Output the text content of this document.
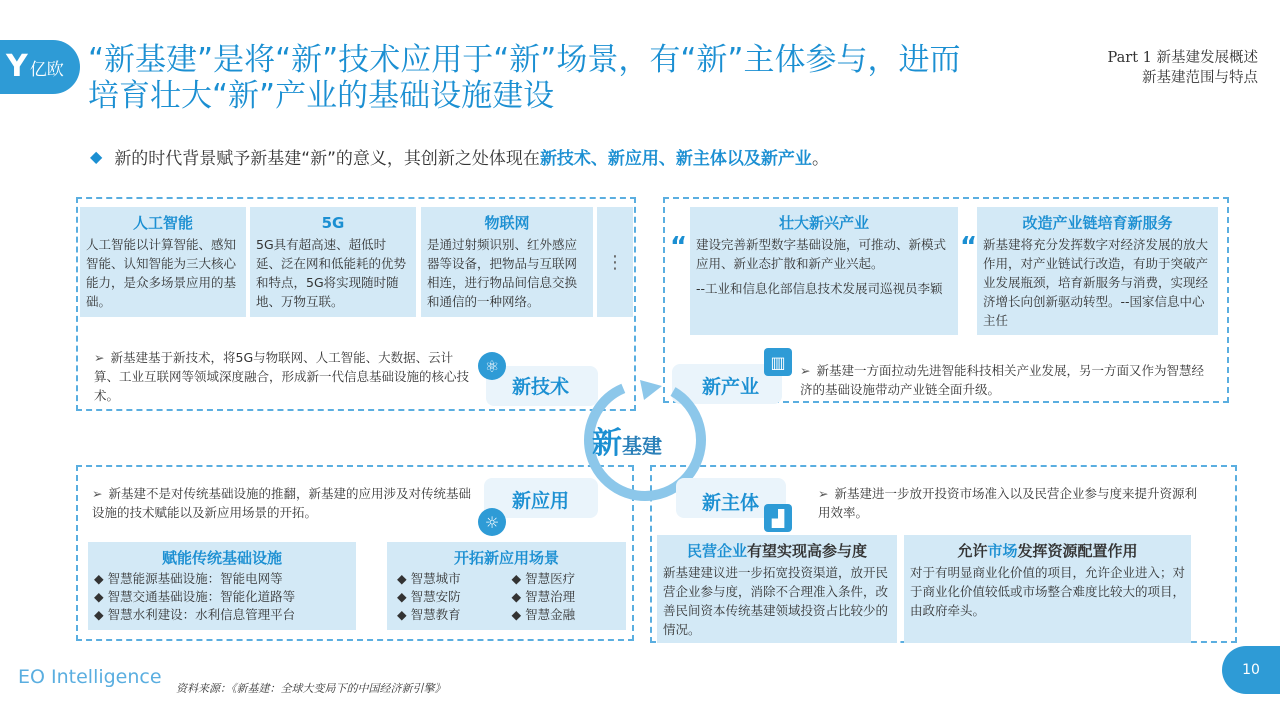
Y 亿欧 “新基建”是将“新”技术应用于“新”场景，有“新”主体参与，进而培育壮大“新”产业的基础设施建设
Part 1 新基建发展概述
新基建范围与特点
◆ 新的时代背景赋予新基建“新”的意义，其创新之处体现在 新技术、新应用、新主体以及新产业 。
人工智能
人工智能以计算智能、感知智能、认知智能为三大核心能力，是众多场景应用的基础。
5G
5G具有超高速、超低时延、泛在网和低能耗的优势和特点，5G将实现随时随地、万物互联。
物联网
是通过射频识别、红外感应器等设备，把物品与互联网相连，进行物品间信息交换和通信的一种网络。
⋮
➢ 新基建基于新技术，将5G与物联网、人工智能、大数据、云计算、工业互联网等领域深度融合，形成新一代信息基础设施的核心技术。
⚛
新技术
“
壮大新兴产业
建设完善新型数字基础设施，可推动、新模式应用、新业态扩散和新产业兴起。
--工业和信息化部信息技术发展司巡视员李颖
“
改造产业链培育新服务
新基建将充分发挥数字对经济发展的放大作用，对产业链试行改造，有助于突破产业发展瓶颈，培育新服务与消费，实现经济增长向创新驱动转型。--国家信息中心主任
▥
新产业
➢ 新基建一方面拉动先进智能科技相关产业发展，另一方面又作为智慧经济的基础设施带动产业链全面升级。
新基建
➢ 新基建不是对传统基础设施的推翻，新基建的应用涉及对传统基础设施的技术赋能以及新应用场景的开拓。
新应用
☼
赋能传统基础设施
◆ 智慧能源基础设施：智能电网等
◆ 智慧交通基础设施：智能化道路等
◆ 智慧水利建设：水利信息管理平台
开拓新应用场景
◆ 智慧城市	◆ 智慧医疗
◆ 智慧安防	◆ 智慧治理
◆ 智慧教育	◆ 智慧金融
新主体
▟
➢ 新基建进一步放开投资市场准入以及民营企业参与度来提升资源利用效率。
民营企业有望实现高参与度
新基建建议进一步拓宽投资渠道，放开民营企业参与度，消除不合理准入条件，改善民间资本传统基建领域投资占比较少的情况。
允许市场发挥资源配置作用
对于有明显商业化价值的项目，允许企业进入；对于商业化价值较低或市场整合难度比较大的项目，由政府牵头。
EO Intelligence
资料来源：《新基建：全球大变局下的中国经济新引擎》
10
